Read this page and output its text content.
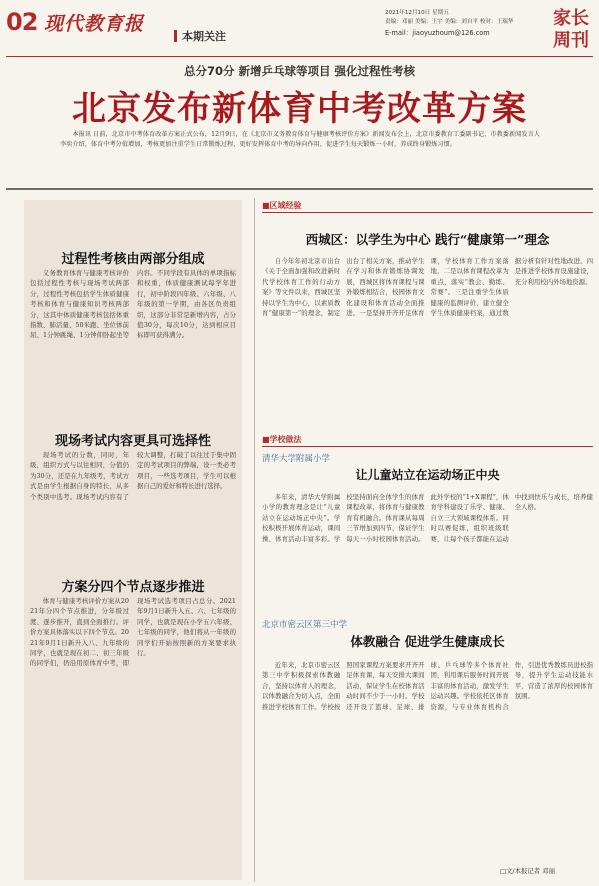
02 现代教育报
本期关注
2021年12月10日 星期五
责编：邓丽 美编：王宇 美编：刘自平 校对：王瑞华
E-mail：jiaoyuzhoum@126.com
家长周刊
总分70分 新增乒乓球等项目 强化过程性考核
北京发布新体育中考改革方案

本报讯 日前，北京市中考体育改革方案正式公布，12月9日，在《北京市义务教育体育与健康考核评价方案》新闻发布会上，北京市委教育工委副书记、市教委新闻发言人李奕介绍，体育中考分值增加，考核更加注重学生日常锻炼过程，更好发挥体育中考的导向作用，促进学生每天锻炼一小时，养成终身锻炼习惯。

过程性考核由两部分组成

义务教育体育与健康考核评价包括过程性考核与现场考试两部分，过程性考核包括学生体质健康考核和体育与健康知识考核两部分，这其中体质健康考核包括体重指数、肺活量、50米跑、坐位体前屈、1分钟跳绳、1分钟仰卧起坐等内容。不同学段有具体的单项指标和权重，体质健康测试每学年进行，初中阶段四年级、六年级、八年级的第一学期，由各区负责组织，这部分非常是新增内容，占分值30分，每次10分，达到相应目标即可获得满分。

现场考试内容更具可选择性

现场考试的分数，同时，年级，组织方式与以往相同，分值仍为30分，还是在九年级考，考试方式是由学生根据自身的特长，从多个类别中选考。现场考试内容有了较大调整，打破了以往过于集中固定的考试项目的弊端，设一类必考项目，一些选考项目，学生可以根据自己的爱好和特长进行选择。

方案分四个节点逐步推进

体育与健康考核评价方案从2021年分四个节点推进，分年级过渡、逐步推开，直到全面推行。评价方案具体落实以下四个节点。2021年9月1日新升入八、九年级的同学，也就是现在初二、初三年级的同学们，仍沿用原体育中考，即现场考试选考项目占总分。2021年9月1日新升入五、六、七年级的同学，也就是现在小学五六年级、七年级的同学，他们将从一年级的同学们开始按照新的方案要求执行。

■区域经验
西城区：以学生为中心 践行“健康第一”理念

自今年年初北京市出台《关于全面加强和改进新时代学校体育工作的行动方案》等文件以来，西城区坚持以学生为中心，以素质教育“健康第一”的理念，制定出台了相关方案，推动学生在学习和体育锻炼协调发展，西城区将体育课程与课外锻炼相结合，校园体育文化建设和体育活动全面推进。一是坚持开齐开足体育课，学校体育工作方案落地，二是以体育课程改革为重点，落实“教会、勤练、常赛”。三是注重学生体质健康的监测评价，建立健全学生体质健康档案，通过数据分析有针对性地改进。四是推进学校体育设施建设，充分利用校内外场地资源。

■学校做法
清华大学附属小学
让儿童站立在运动场正中央

多年来，清华大学附属小学的教育理念是让“儿童站立在运动场正中央”。学校积极开展体育运动，课间操、体育活动丰富多彩。学校坚持面向全体学生的体育课程改革，将体育与健康教育有机融合。体育课从每周三节增加到四节，保证学生每天一小时校园体育活动。此外学校的“1+X课程”，体育学科建设了乐学、健康、自立三大领域课程体系。同时以赛促练，组织班级联赛，让每个孩子都能在运动中找到快乐与成长，培养健全人格。

北京市密云区第三中学
体教融合 促进学生健康成长

近年来，北京市密云区第三中学积极探索体教融合，坚持以体育人的理念，以体教融合为切入点，全面推进学校体育工作。学校按照国家课程方案要求开齐开足体育课，每天安排大课间活动，保证学生在校体育活动时间不少于一小时。学校还开设了篮球、足球、排球、乒乓球等多个体育社团，利用课后服务时间开展丰富的体育活动，激发学生运动兴趣。学校依托区体育资源，与专业体育机构合作，引进优秀教练员进校指导，提升学生运动技能水平，营造了浓厚的校园体育氛围。

□文/本报记者 邓丽
